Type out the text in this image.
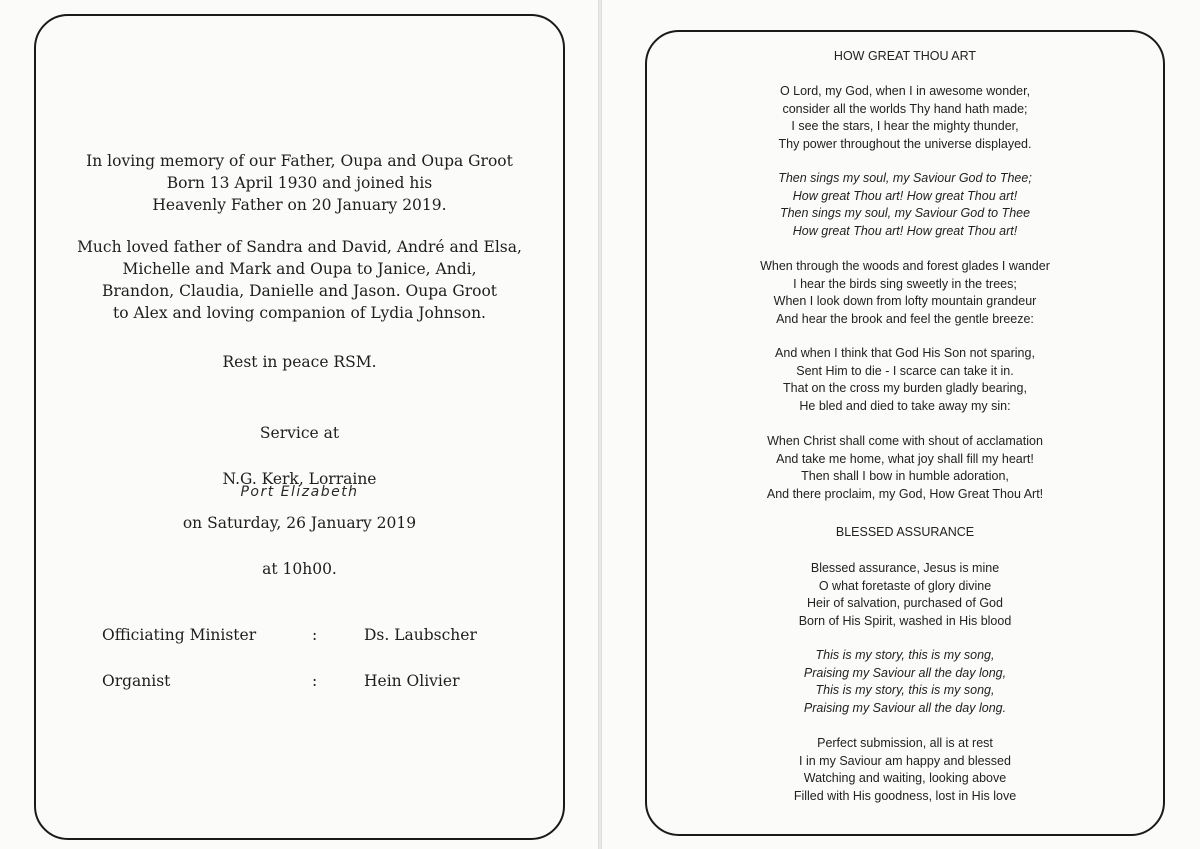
In loving memory of our Father, Oupa and Oupa Groot

Born 13 April 1930 and joined his

Heavenly Father on 20 January 2019.

Much loved father of Sandra and David, André and Elsa,

Michelle and Mark and Oupa to Janice, Andi,

Brandon, Claudia, Danielle and Jason. Oupa Groot

to Alex and loving companion of Lydia Johnson.

Rest in peace RSM.
Service at
N.G. Kerk, Lorraine
Port Elizabeth
on Saturday, 26 January 2019
at 10h00.
Officiating Minister	:	Ds. Laubscher
Organist	:	Hein Olivier
HOW GREAT THOU ART

O Lord, my God, when I in awesome wonder,

consider all the worlds Thy hand hath made;

I see the stars, I hear the mighty thunder,

Thy power throughout the universe displayed.

Then sings my soul, my Saviour God to Thee;

How great Thou art! How great Thou art!

Then sings my soul, my Saviour God to Thee

How great Thou art! How great Thou art!

When through the woods and forest glades I wander

I hear the birds sing sweetly in the trees;

When I look down from lofty mountain grandeur

And hear the brook and feel the gentle breeze:

And when I think that God His Son not sparing,

Sent Him to die - I scarce can take it in.

That on the cross my burden gladly bearing,

He bled and died to take away my sin:

When Christ shall come with shout of acclamation

And take me home, what joy shall fill my heart!

Then shall I bow in humble adoration,

And there proclaim, my God, How Great Thou Art!

BLESSED ASSURANCE

Blessed assurance, Jesus is mine

O what foretaste of glory divine

Heir of salvation, purchased of God

Born of His Spirit, washed in His blood

This is my story, this is my song,

Praising my Saviour all the day long,

This is my story, this is my song,

Praising my Saviour all the day long.

Perfect submission, all is at rest

I in my Saviour am happy and blessed

Watching and waiting, looking above

Filled with His goodness, lost in His love
